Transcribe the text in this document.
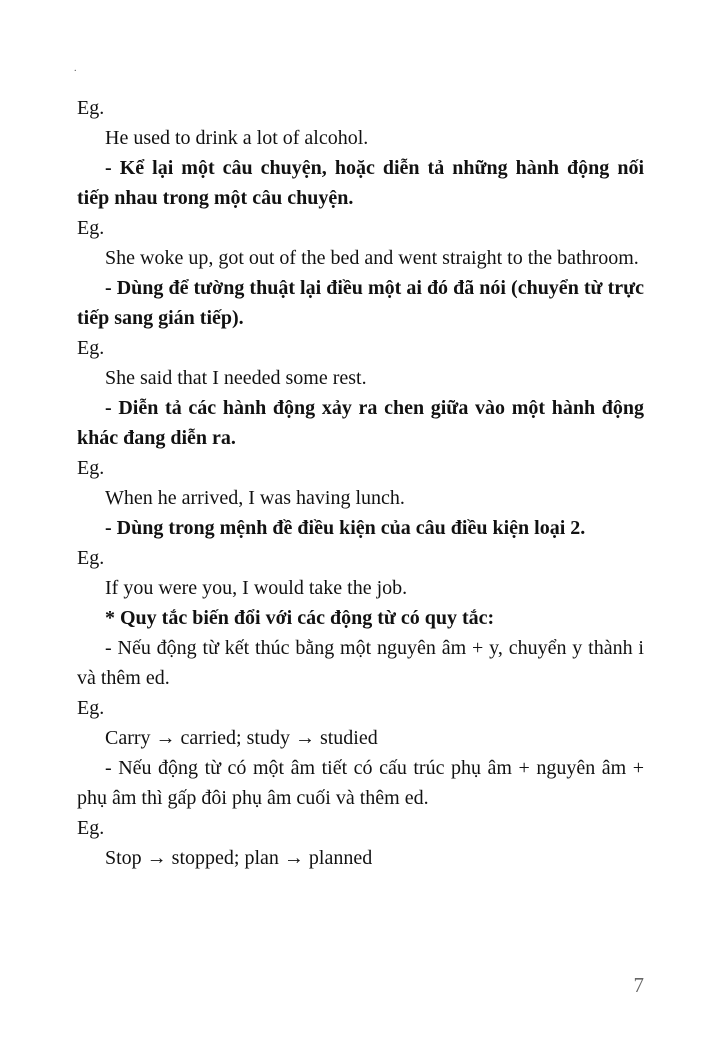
.
Eg.
He used to drink a lot of alcohol.
- Kể lại một câu chuyện, hoặc diễn tả những hành động nối tiếp nhau trong một câu chuyện.
Eg.
She woke up, got out of the bed and went straight to the bathroom.
- Dùng để tường thuật lại điều một ai đó đã nói (chuyển từ trực tiếp sang gián tiếp).
Eg.
She said that I needed some rest.
- Diễn tả các hành động xảy ra chen giữa vào một hành động khác đang diễn ra.
Eg.
When he arrived, I was having lunch.
- Dùng trong mệnh đề điều kiện của câu điều kiện loại 2.
Eg.
If you were you, I would take the job.
* Quy tắc biến đổi với các động từ có quy tắc:
- Nếu động từ kết thúc bằng một nguyên âm + y, chuyển y thành i và thêm ed.
Eg.
Carry → carried; study → studied
- Nếu động từ có một âm tiết có cấu trúc phụ âm + nguyên âm + phụ âm thì gấp đôi phụ âm cuối và thêm ed.
Eg.
Stop → stopped; plan → planned
7
